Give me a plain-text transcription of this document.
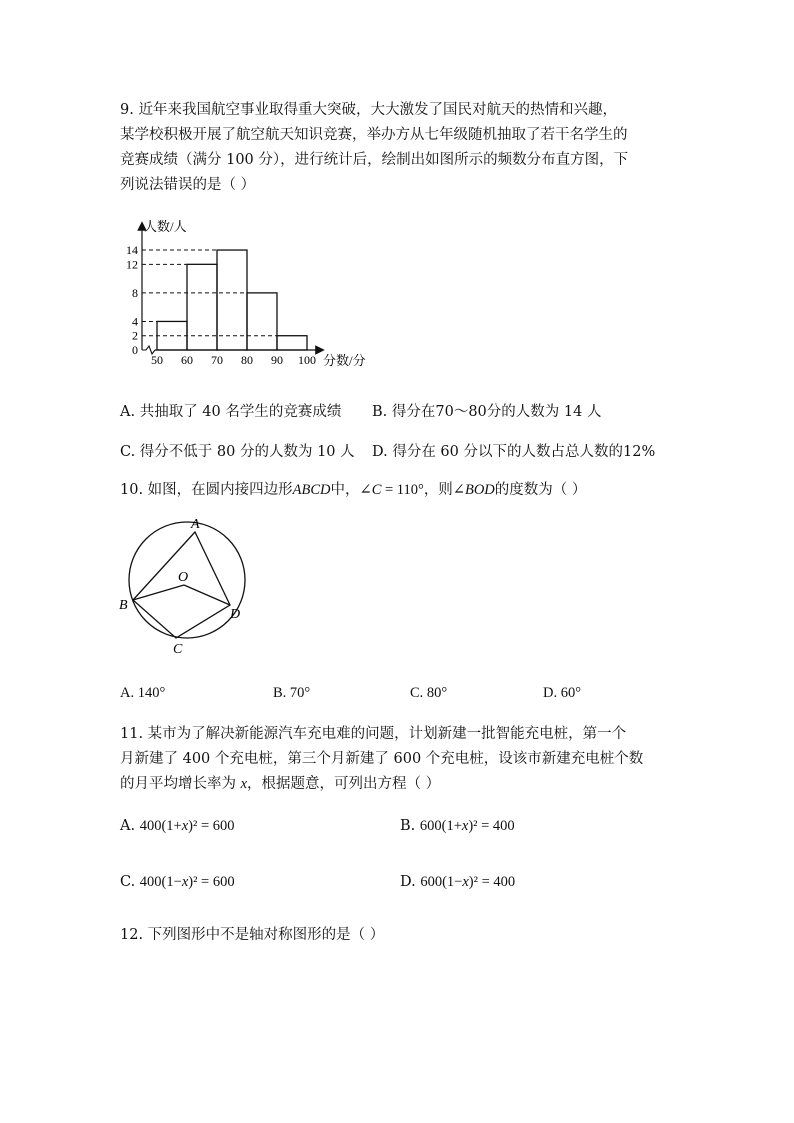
9. 近年来我国航空事业取得重大突破，大大激发了国民对航天的热情和兴趣，
某学校积极开展了航空航天知识竞赛，举办方从七年级随机抽取了若干名学生的
竞赛成绩（满分 100 分），进行统计后，绘制出如图所示的频数分布直方图，下
列说法错误的是（ ）
0
2
4
8
12
14
50 60 70 80 90 100
人数/人
分数/分
A. 共抽取了 40 名学生的竞赛成绩 B. 得分在70～80分的人数为 14 人
C. 得分不低于 80 分的人数为 10 人 D. 得分在 60 分以下的人数占总人数的12%
10. 如图，在圆内接四边形ABCD中，∠C = 110°，则∠BOD的度数为（ ）
A
B
C
D
O
A. 140°	B. 70°	C. 80°	D. 60°
11. 某市为了解决新能源汽车充电难的问题，计划新建一批智能充电桩，第一个
月新建了 400 个充电桩，第三个月新建了 600 个充电桩，设该市新建充电桩个数
的月平均增长率为 x，根据题意，可列出方程（ ）
A. 400(1+x)² = 600	B. 600(1+x)² = 400
C. 400(1−x)² = 600	D. 600(1−x)² = 400
12. 下列图形中不是轴对称图形的是（ ）
